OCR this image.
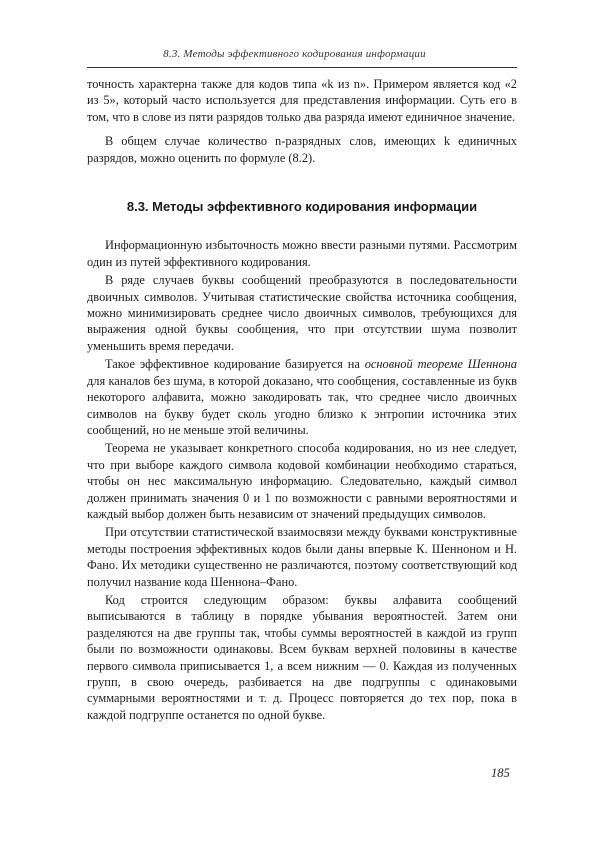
8.3. Методы эффективного кодирования информации

точность характерна также для кодов типа «k из n». Примером является код «2 из 5», который часто используется для представления информации. Суть его в том, что в слове из пяти разрядов только два разряда имеют единичное значение.

В общем случае количество n-разрядных слов, имеющих k единичных разрядов, можно оценить по формуле (8.2).

8.3. Методы эффективного кодирования информации

Информационную избыточность можно ввести разными путями. Рассмотрим один из путей эффективного кодирования.

В ряде случаев буквы сообщений преобразуются в последовательности двоичных символов. Учитывая статистические свойства источника сообщения, можно минимизировать среднее число двоичных символов, требующихся для выражения одной буквы сообщения, что при отсутствии шума позволит уменьшить время передачи.

Такое эффективное кодирование базируется на основной теореме Шеннона для каналов без шума, в которой доказано, что сообщения, составленные из букв некоторого алфавита, можно закодировать так, что среднее число двоичных символов на букву будет сколь угодно близко к энтропии источника этих сообщений, но не меньше этой величины.

Теорема не указывает конкретного способа кодирования, но из нее следует, что при выборе каждого символа кодовой комбинации необходимо стараться, чтобы он нес максимальную информацию. Следовательно, каждый символ должен принимать значения 0 и 1 по возможности с равными вероятностями и каждый выбор должен быть независим от значений предыдущих символов.

При отсутствии статистической взаимосвязи между буквами конструктивные методы построения эффективных кодов были даны впервые К. Шенноном и Н. Фано. Их методики существенно не различаются, поэтому соответствующий код получил название кода Шеннона–Фано.

Код строится следующим образом: буквы алфавита сообщений выписываются в таблицу в порядке убывания вероятностей. Затем они разделяются на две группы так, чтобы суммы вероятностей в каждой из групп были по возможности одинаковы. Всем буквам верхней половины в качестве первого символа приписывается 1, а всем нижним — 0. Каждая из полученных групп, в свою очередь, разбивается на две подгруппы с одинаковыми суммарными вероятностями и т. д. Процесс повторяется до тех пор, пока в каждой подгруппе останется по одной букве.

185
